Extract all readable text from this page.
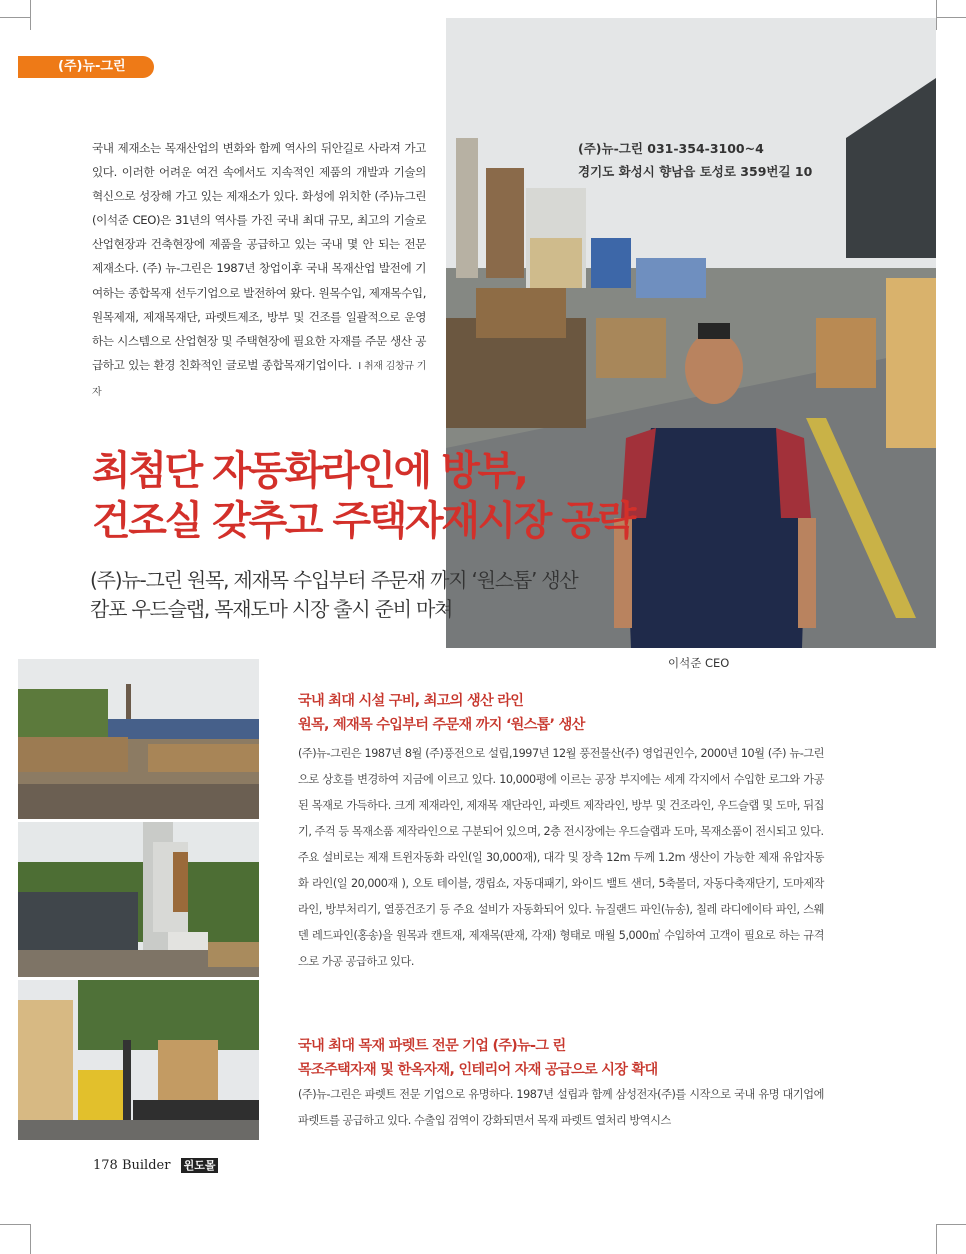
(주)뉴-그린
국내 제재소는 목재산업의 변화와 함께 역사의 뒤안길로 사라져 가고 있다. 이러한 어려운 여건 속에서도 지속적인 제품의 개발과 기술의 혁신으로 성장해 가고 있는 제재소가 있다. 화성에 위치한 (주)뉴그린(이석준 CEO)은 31년의 역사를 가진 국내 최대 규모, 최고의 기술로 산업현장과 건축현장에 제품을 공급하고 있는 국내 몇 안 되는 전문 제재소다. (주) 뉴-그린은 1987년 창업이후 국내 목재산업 발전에 기여하는 종합목재 선두기업으로 발전하여 왔다. 원목수입, 제재목수입, 원목제재, 제재목재단, 파렛트제조, 방부 및 건조를 일괄적으로 운영하는 시스템으로 산업현장 및 주택현장에 필요한 자재를 주문 생산 공급하고 있는 환경 친화적인 글로벌 종합목재기업이다. I 취재 김창규 기자
(주)뉴-그린 031-354-3100~4
경기도 화성시 향남읍 토성로 359번길 10
최첨단 자동화라인에 방부,
건조실 갖추고 주택자재시장 공략
(주)뉴-그린 원목, 제재목 수입부터 주문재 까지 ‘원스톱’ 생산
캄포 우드슬랩, 목재도마 시장 출시 준비 마쳐
이석준 CEO
국내 최대 시설 구비, 최고의 생산 라인
원목, 제재목 수입부터 주문재 까지 ‘원스톱’ 생산
(주)뉴-그린은 1987년 8월 (주)풍전으로 설립,1997년 12월 풍전물산(주) 영업권인수, 2000년 10월 (주) 뉴-그린으로 상호를 변경하여 지금에 이르고 있다. 10,000평에 이르는 공장 부지에는 세계 각지에서 수입한 로그와 가공된 목재로 가득하다. 크게 제재라인, 제재목 재단라인, 파렛트 제작라인, 방부 및 건조라인, 우드슬랩 및 도마, 뒤집기, 주걱 등 목재소품 제작라인으로 구분되어 있으며, 2층 전시장에는 우드슬랩과 도마, 목재소품이 전시되고 있다.
주요 설비로는 제재 트윈자동화 라인(일 30,000재), 대각 및 장측 12m 두께 1.2m 생산이 가능한 제재 유압자동화 라인(일 20,000재 ), 오토 테이블, 갱립쇼, 자동대패기, 와이드 밸트 샌더, 5축몰더, 자동다축재단기, 도마제작라인, 방부처리기, 열풍건조기 등 주요 설비가 자동화되어 있다. 뉴질랜드 파인(뉴송), 칠레 라디에이타 파인, 스웨덴 레드파인(홍송)을 원목과 캔트재, 제재목(판재, 각재) 형태로 매월 5,000㎥ 수입하여 고객이 필요로 하는 규격으로 가공 공급하고 있다.
국내 최대 목재 파렛트 전문 기업 (주)뉴-그 린
목조주택자재 및 한옥자재, 인테리어 자재 공급으로 시장 확대
(주)뉴-그린은 파렛트 전문 기업으로 유명하다. 1987년 설립과 함께 삼성전자(주)를 시작으로 국내 유명 대기업에 파렛트를 공급하고 있다. 수출입 검역이 강화되면서 목재 파렛트 열처리 방역시스
178 Builder 윈도몰
